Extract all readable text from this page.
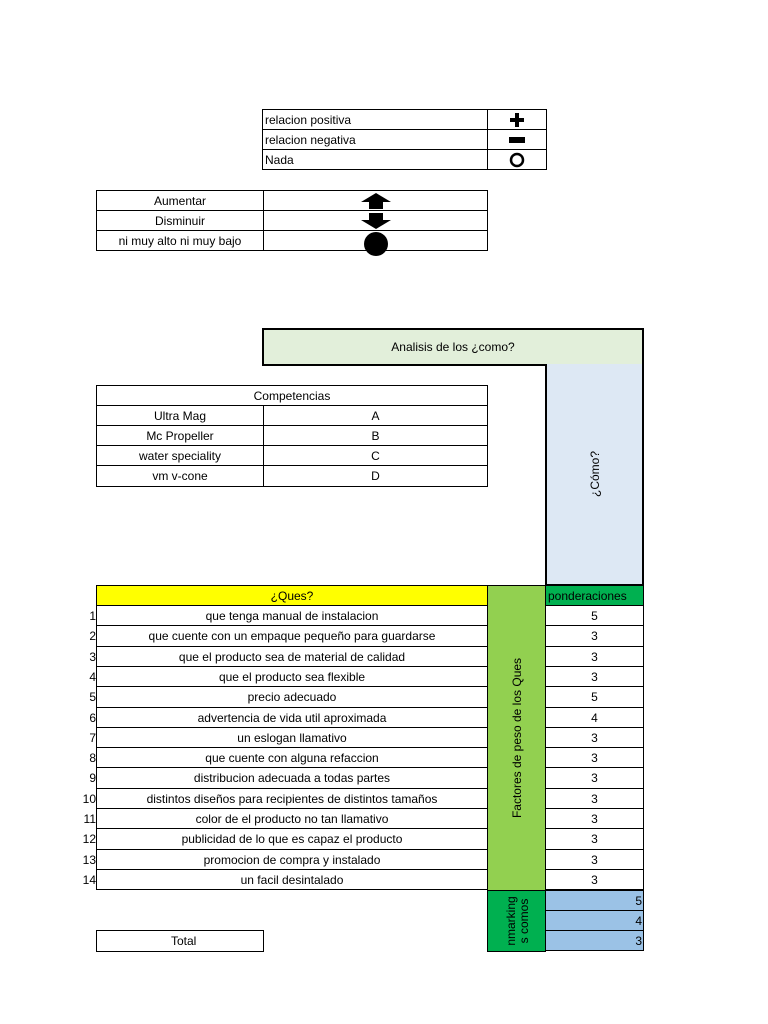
relacion positiva
relacion negativa
Nada
Aumentar
Disminuir
ni muy alto ni muy bajo
Analisis de los ¿como?
¿Cómo?
Competencias
Ultra Mag	A
Mc Propeller	B
water speciality	C
vm v-cone	D
¿Ques?	ponderaciones
Factores de peso de los Ques
1	que tenga manual de instalacion	5
2	que cuente con un empaque pequeño para guardarse	3
3	que el producto sea de material de calidad	3
4	que el producto sea flexible	3
5	precio adecuado	5
6	advertencia de vida util aproximada	4
7	un eslogan llamativo	3
8	que cuente con alguna refaccion	3
9	distribucion adecuada a todas partes	3
10	distintos diseños para recipientes de distintos tamaños	3
11	color de el producto no tan llamativo	3
12	publicidad de lo que es capaz el producto	3
13	promocion de compra y instalado	3
14	un facil desintalado	3
nmarking s comos	5
4
3
Total
